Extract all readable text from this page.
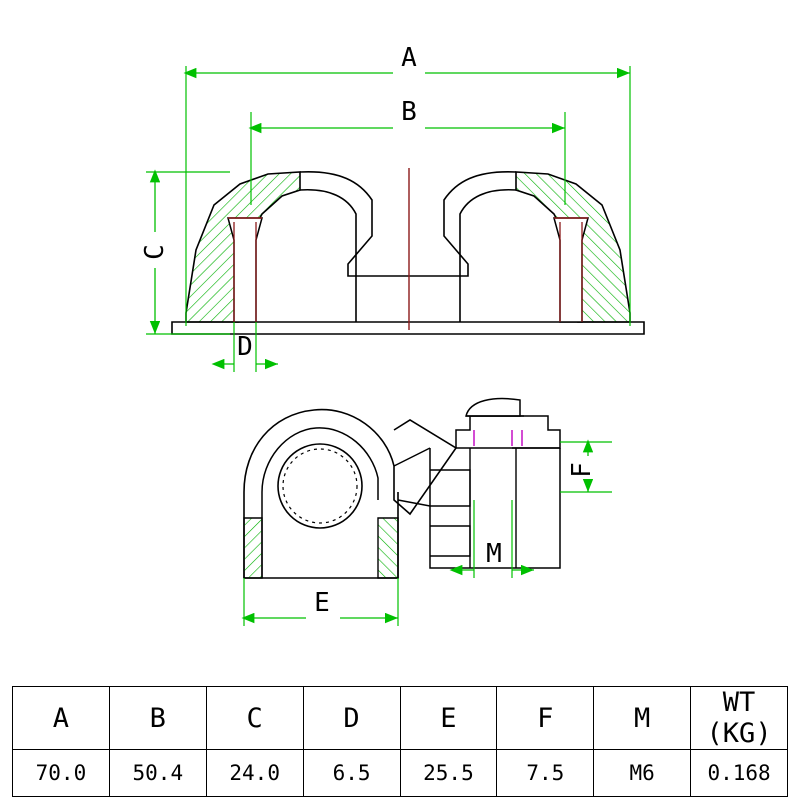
A
B
C
D
F
M
E
A	B	C	D	E	F	M	WT (KG)
70.0	50.4	24.0	6.5	25.5	7.5	M6	0.168
